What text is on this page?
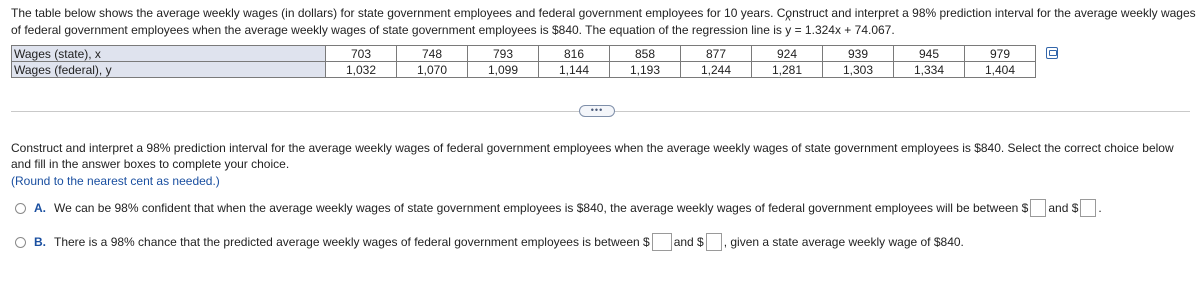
The table below shows the average weekly wages (in dollars) for state government employees and federal government employees for 10 years. Construct and interpret a 98% prediction interval for the average weekly wages of federal government employees when the average weekly wages of state government employees is $840. The equation of the regression line is ^ y = 1.324x + 74.067.
Wages (state), x	703	748	793	816	858	877	924	939	945	979
Wages (federal), y	1,032	1,070	1,099	1,144	1,193	1,244	1,281	1,303	1,334	1,404
•••
Construct and interpret a 98% prediction interval for the average weekly wages of federal government employees when the average weekly wages of state government employees is $840. Select the correct choice below and fill in the answer boxes to complete your choice.
(Round to the nearest cent as needed.)
A. We can be 98% confident that when the average weekly wages of state government employees is $840, the average weekly wages of federal government employees will be between $ and $ .
B. There is a 98% chance that the predicted average weekly wages of federal government employees is between $ and $ , given a state average weekly wage of $840.
